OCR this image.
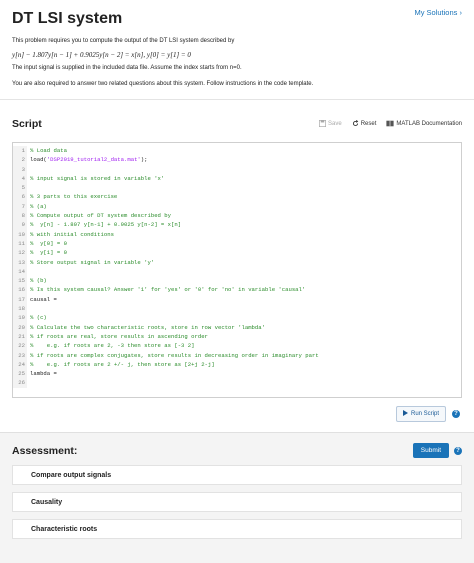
DT LSI system	My Solutions ›
This problem requires you to compute the output of the DT LSI system described by
y[n] − 1.807y[n − 1] + 0.9025y[n − 2] = x[n], y[0] = y[1] = 0
The input signal is supplied in the included data file. Assume the index starts from n=0.
You are also required to answer two related questions about this system. Follow instructions in the code template.
Script	Save	Reset	MATLAB Documentation
1 % Load data
2 load('DSP2019_tutorial2_data.mat');
3
4 % input signal is stored in variable 'x'
5
6 % 3 parts to this exercise
7 % (a)
8 % Compute output of DT system described by
9 %  y[n] - 1.807 y[n-1] + 0.9025 y[n-2] = x[n]
10 % with initial conditions
11 %  y[0] = 0
12 %  y[1] = 0
13 % Store output signal in variable 'y'
14
15 % (b)
16 % Is this system causal? Answer '1' for 'yes' or '0' for 'no' in variable 'causal'
17 causal =
18
19 % (c)
20 % Calculate the two characteristic roots, store in row vector 'lambda'
21 % if roots are real, store results in ascending order
22 %    e.g. if roots are 2, -3 then store as [-3 2]
23 % if roots are complex conjugates, store results in decreasing order in imaginary part
24 %    e.g. if roots are 2 +/- j, then store as [2+j 2-j]
25 lambda =
26
Run Script	?
Assessment:	Submit	?
Compare output signals
Causality
Characteristic roots
